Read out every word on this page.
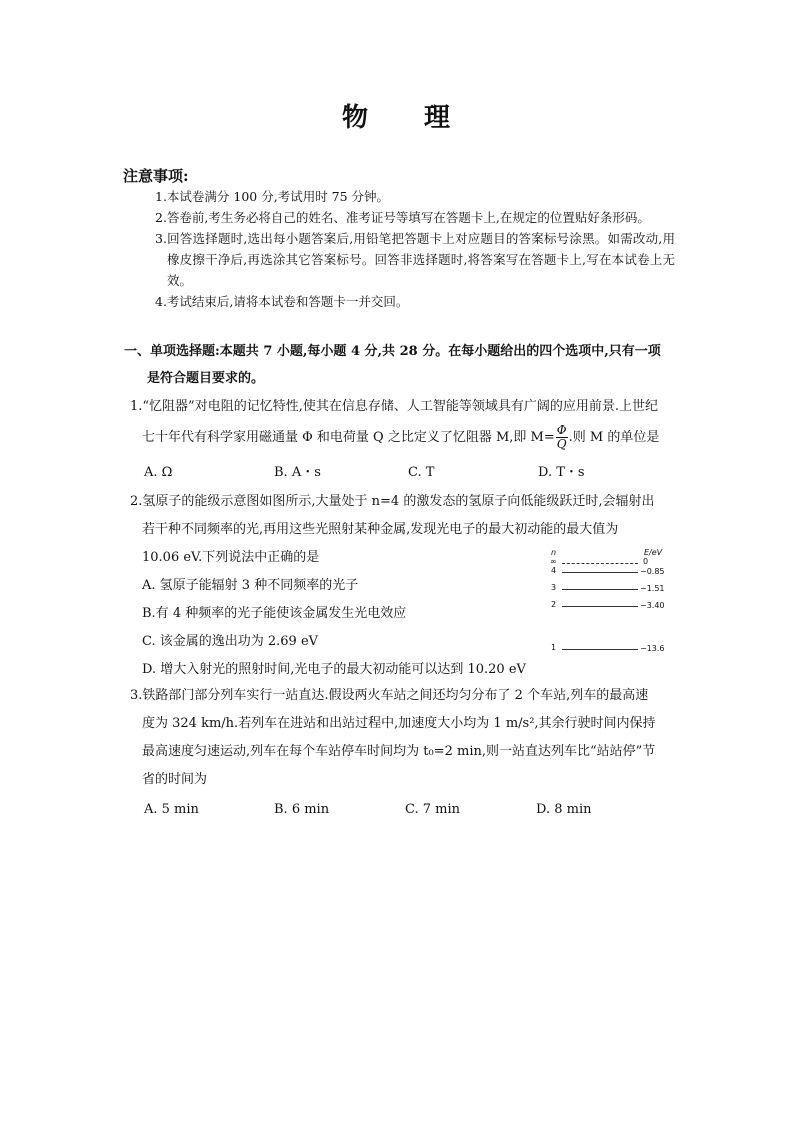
物 理
注意事项:
1.本试卷满分 100 分,考试用时 75 分钟。
2.答卷前,考生务必将自己的姓名、准考证号等填写在答题卡上,在规定的位置贴好条形码。
3.回答选择题时,选出每小题答案后,用铅笔把答题卡上对应题目的答案标号涂黑。如需改动,用橡皮擦干净后,再选涂其它答案标号。回答非选择题时,将答案写在答题卡上,写在本试卷上无效。
4.考试结束后,请将本试卷和答题卡一并交回。
一、单项选择题:本题共 7 小题,每小题 4 分,共 28 分。在每小题给出的四个选项中,只有一项
是符合题目要求的。
1.“忆阻器”对电阻的记忆特性,使其在信息存储、人工智能等领域具有广阔的应用前景.上世纪
七十年代有科学家用磁通量 Φ 和电荷量 Q 之比定义了忆阻器 M,即 $M= \frac{\Phi}{Q}$ .则 M 的单位是
A. Ω	B. A・s	C. T	D. T・s
2.氢原子的能级示意图如图所示,大量处于 n=4 的激发态的氢原子向低能级跃迁时,会辐射出
若干种不同频率的光,再用这些光照射某种金属,发现光电子的最大初动能的最大值为
10.06 eV.下列说法中正确的是
A. 氢原子能辐射 3 种不同频率的光子
B.有 4 种频率的光子能使该金属发生光电效应
C. 该金属的逸出功为 2.69 eV
D. 增大入射光的照射时间,光电子的最大初动能可以达到 10.20 eV
n	E/eV
∞	0
4	−0.85
3	−1.51
2	−3.40
1	−13.6
3.铁路部门部分列车实行一站直达.假设两火车站之间还均匀分布了 2 个车站,列车的最高速
度为 324 km/h.若列车在进站和出站过程中,加速度大小均为 1 m/s²,其余行驶时间内保持
最高速度匀速运动,列车在每个车站停车时间均为 t₀=2 min,则一站直达列车比“站站停”节
省的时间为
A. 5 min	B. 6 min	C. 7 min	D. 8 min
